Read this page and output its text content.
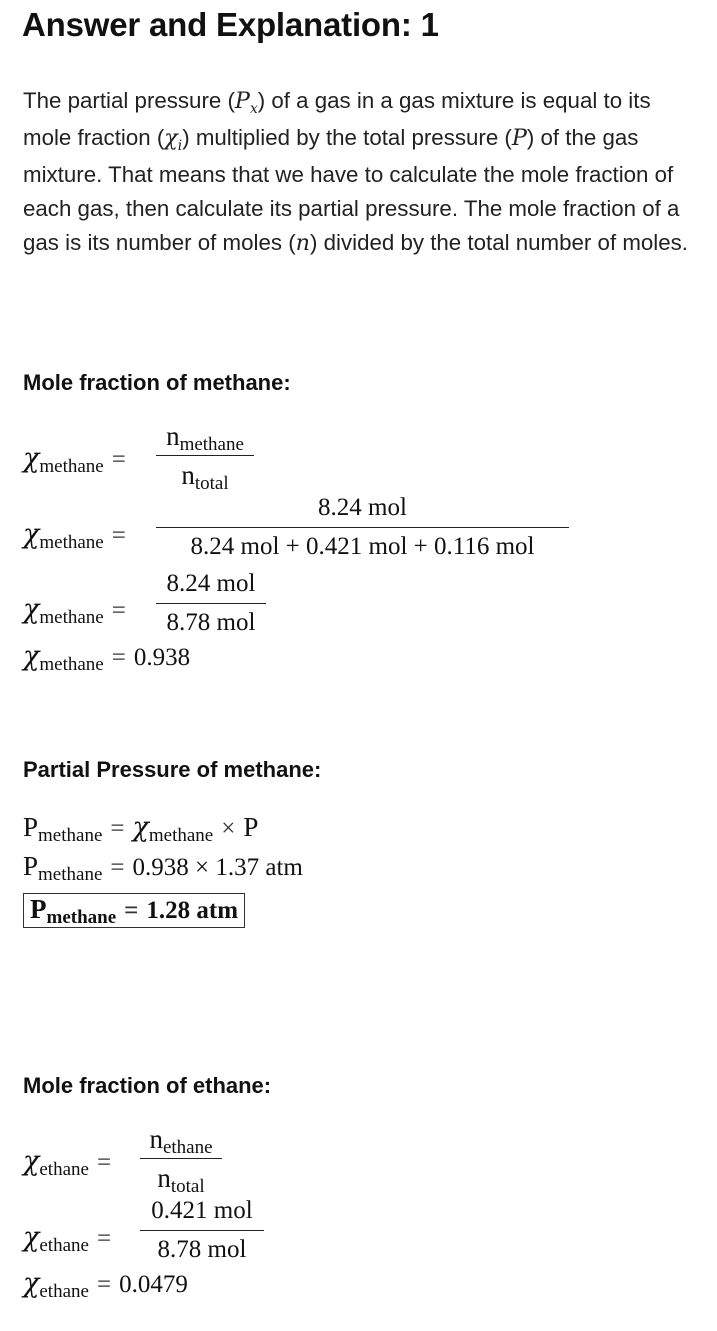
Answer and Explanation: 1

The partial pressure $(P_x)$ of a gas in a gas mixture is equal to its mole fraction $(\chi_i)$ multiplied by the total pressure (P) of the gas mixture. That means that we have to calculate the mole fraction of each gas, then calculate its partial pressure. The mole fraction of a gas is its number of moles (n) divided by the total number of moles.

Mole fraction of methane:
$\chi_{methane}$ =
$n_{methane}$
$n_{total}$
$\chi_{methane}$ =
8.24 mol
8.24 mol + 0.421 mol + 0.116 mol
$\chi_{methane}$ =
8.24 mol
8.78 mol
$\chi_{methane} = 0.938$
Partial Pressure of methane:
$P_{methane} = \chi_{methane} \times P$
$P_{methane} = 0.938 \times 1.37$ atm
$P_{methane} = 1.28$ atm
Mole fraction of ethane:
$\chi_{ethane}$ =
$n_{ethane}$
$n_{total}$
$\chi_{ethane}$ =
0.421 mol
8.78 mol
$\chi_{ethane} = 0.0479$
